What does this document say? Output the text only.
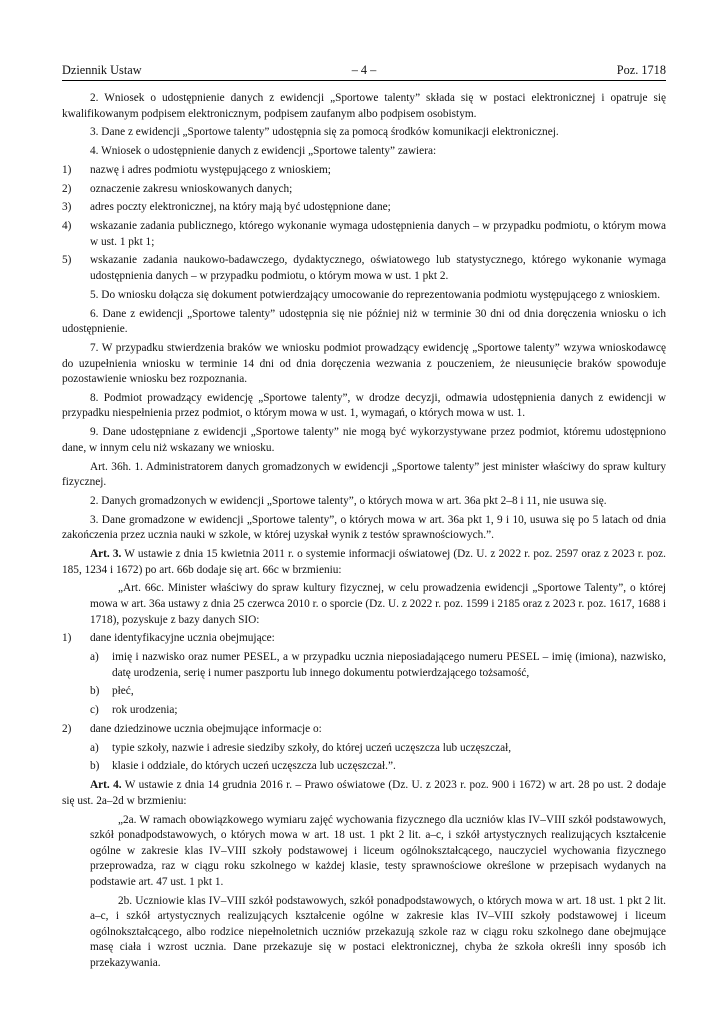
Dziennik Ustaw	– 4 –	Poz. 1718

2. Wniosek o udostępnienie danych z ewidencji „Sportowe talenty” składa się w postaci elektronicznej i opatruje się kwalifikowanym podpisem elektronicznym, podpisem zaufanym albo podpisem osobistym.

3. Dane z ewidencji „Sportowe talenty” udostępnia się za pomocą środków komunikacji elektronicznej.

4. Wniosek o udostępnienie danych z ewidencji „Sportowe talenty” zawiera:

1)	nazwę i adres podmiotu występującego z wnioskiem;
2)	oznaczenie zakresu wnioskowanych danych;
3)	adres poczty elektronicznej, na który mają być udostępnione dane;
4)	wskazanie zadania publicznego, którego wykonanie wymaga udostępnienia danych – w przypadku podmiotu, o którym mowa w ust. 1 pkt 1;
5)	wskazanie zadania naukowo-badawczego, dydaktycznego, oświatowego lub statystycznego, którego wykonanie wymaga udostępnienia danych – w przypadku podmiotu, o którym mowa w ust. 1 pkt 2.

5. Do wniosku dołącza się dokument potwierdzający umocowanie do reprezentowania podmiotu występującego z wnioskiem.

6. Dane z ewidencji „Sportowe talenty” udostępnia się nie później niż w terminie 30 dni od dnia doręczenia wniosku o ich udostępnienie.

7. W przypadku stwierdzenia braków we wniosku podmiot prowadzący ewidencję „Sportowe talenty” wzywa wnioskodawcę do uzupełnienia wniosku w terminie 14 dni od dnia doręczenia wezwania z pouczeniem, że nieusunięcie braków spowoduje pozostawienie wniosku bez rozpoznania.

8. Podmiot prowadzący ewidencję „Sportowe talenty”, w drodze decyzji, odmawia udostępnienia danych z ewidencji w przypadku niespełnienia przez podmiot, o którym mowa w ust. 1, wymagań, o których mowa w ust. 1.

9. Dane udostępniane z ewidencji „Sportowe talenty” nie mogą być wykorzystywane przez podmiot, któremu udostępniono dane, w innym celu niż wskazany we wniosku.

Art. 36h. 1. Administratorem danych gromadzonych w ewidencji „Sportowe talenty” jest minister właściwy do spraw kultury fizycznej.

2. Danych gromadzonych w ewidencji „Sportowe talenty”, o których mowa w art. 36a pkt 2–8 i 11, nie usuwa się.

3. Dane gromadzone w ewidencji „Sportowe talenty”, o których mowa w art. 36a pkt 1, 9 i 10, usuwa się po 5 latach od dnia zakończenia przez ucznia nauki w szkole, w której uzyskał wynik z testów sprawnościowych.”.

Art. 3. W ustawie z dnia 15 kwietnia 2011 r. o systemie informacji oświatowej (Dz. U. z 2022 r. poz. 2597 oraz z 2023 r. poz. 185, 1234 i 1672) po art. 66b dodaje się art. 66c w brzmieniu:

„Art. 66c. Minister właściwy do spraw kultury fizycznej, w celu prowadzenia ewidencji „Sportowe Talenty”, o której mowa w art. 36a ustawy z dnia 25 czerwca 2010 r. o sporcie (Dz. U. z 2022 r. poz. 1599 i 2185 oraz z 2023 r. poz. 1617, 1688 i 1718), pozyskuje z bazy danych SIO:

1)	dane identyfikacyjne ucznia obejmujące:
a)	imię i nazwisko oraz numer PESEL, a w przypadku ucznia nieposiadającego numeru PESEL – imię (imiona), nazwisko, datę urodzenia, serię i numer paszportu lub innego dokumentu potwierdzającego tożsamość,
b)	płeć,
c)	rok urodzenia;
2)	dane dziedzinowe ucznia obejmujące informacje o:
a)	typie szkoły, nazwie i adresie siedziby szkoły, do której uczeń uczęszcza lub uczęszczał,
b)	klasie i oddziale, do których uczeń uczęszcza lub uczęszczał.”.

Art. 4. W ustawie z dnia 14 grudnia 2016 r. – Prawo oświatowe (Dz. U. z 2023 r. poz. 900 i 1672) w art. 28 po ust. 2 dodaje się ust. 2a–2d w brzmieniu:

„2a. W ramach obowiązkowego wymiaru zajęć wychowania fizycznego dla uczniów klas IV–VIII szkół podstawowych, szkół ponadpodstawowych, o których mowa w art. 18 ust. 1 pkt 2 lit. a–c, i szkół artystycznych realizujących kształcenie ogólne w zakresie klas IV–VIII szkoły podstawowej i liceum ogólnokształcącego, nauczyciel wychowania fizycznego przeprowadza, raz w ciągu roku szkolnego w każdej klasie, testy sprawnościowe określone w przepisach wydanych na podstawie art. 47 ust. 1 pkt 1.

2b. Uczniowie klas IV–VIII szkół podstawowych, szkół ponadpodstawowych, o których mowa w art. 18 ust. 1 pkt 2 lit. a–c, i szkół artystycznych realizujących kształcenie ogólne w zakresie klas IV–VIII szkoły podstawowej i liceum ogólnokształcącego, albo rodzice niepełnoletnich uczniów przekazują szkole raz w ciągu roku szkolnego dane obejmujące masę ciała i wzrost ucznia. Dane przekazuje się w postaci elektronicznej, chyba że szkoła określi inny sposób ich przekazywania.
